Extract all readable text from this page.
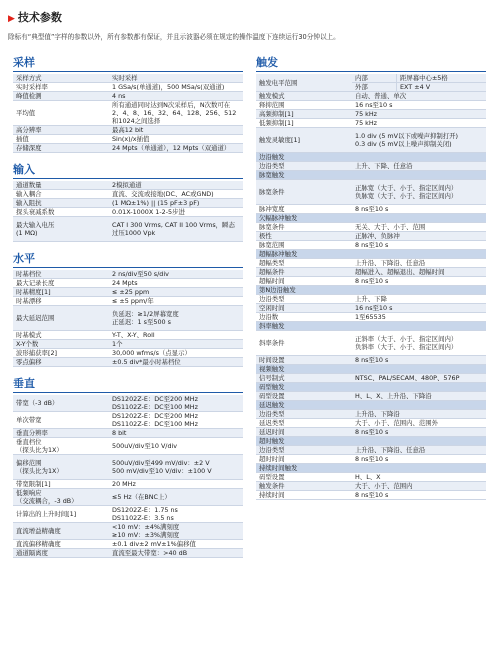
▶ 技术参数
除标有“典型值”字样的参数以外，所有参数都有保证，并且示波器必须在规定的操作温度下连续运行30分钟以上。
采样
采样方式	实时采样
实时采样率	1 GSa/s(单通道)，500 MSa/s(双通道)
峰值检测	4 ns
平均值	所有通道同时达到N次采样后，N次数可在2、4、8、16、32、64、128、256、512和1024之间选择
高分辨率	最高12 bit
插值	Sin(x)/x插值
存储深度	24 Mpts（单通道），12 Mpts（双通道）
输入
通道数量	2模拟通道
输入耦合	直流、交流或接地(DC、AC或GND)
输入阻抗	(1 MΩ±1%) || (15 pF±3 pF)
探头衰减系数	0.01X-1000X 1-2-5步进
最大输入电压
(1 MΩ)	CAT I 300 Vrms, CAT II 100 Vrms，瞬态过压1000 Vpk
水平
时基档位	2 ns/div至50 s/div
最大记录长度	24 Mpts
时基精度[1]	≤ ±25 ppm
时基漂移	≤ ±5 ppm/年
最大延迟范围	负延迟：≥1/2屏幕宽度
正延迟：1 s至500 s
时基模式	Y-T、X-Y、Roll
X-Y个数	1个
波形捕获率[2]	30,000 wfms/s（点显示）
零点偏移	±0.5 div*最小时基档位
垂直
带宽（-3 dB）	DS1202Z-E：DC至200 MHz
DS1102Z-E：DC至100 MHz
单次带宽	DS1202Z-E：DC至200 MHz
DS1102Z-E：DC至100 MHz
垂直分辨率	8 bit
垂直档位
（探头比为1X）	500uV/div至10 V/div
偏移范围
（探头比为1X）	500uV/div至499 mV/div：±2 V
500 mV/div至10 V/div：±100 V
带宽限制[1]	20 MHz
低频响应
（交流耦合，-3 dB）	≤5 Hz（在BNC上）
计算出的上升时间[1]	DS1202Z-E：1.75 ns
DS1102Z-E：3.5 ns
直流增益精确度	<10 mV：±4%满刻度
≥10 mV：±3%满刻度
直流偏移精确度	±0.1 div±2 mV±1%偏移值
通道隔离度	直流至最大带宽：>40 dB
触发
触发电平范围	内部 距屏幕中心±5格
外部 EXT ±4 V

触发模式	自动、普通、单次
释抑范围	16 ns至10 s
高频抑制[1]	75 kHz
低频抑制[1]	75 kHz
触发灵敏度[1]	1.0 div (5 mV以下或噪声抑制打开)
0.3 div (5 mV以上噪声抑制关闭)
边沿触发	
边沿类型	上升、下降、任意沿
脉宽触发	
脉宽条件	正脉宽（大于、小于、指定区间内）
负脉宽（大于、小于、指定区间内）
脉冲宽度	8 ns至10 s
欠幅脉冲触发	
脉宽条件	无关、大于、小于、范围
极性	正脉冲、负脉冲
脉宽范围	8 ns至10 s
超幅脉冲触发	
超幅类型	上升沿、下降沿、任意沿
超幅条件	超幅进入、超幅退出、超幅时间
超幅时间	8 ns至10 s
第N边沿触发	
边沿类型	上升、下降
空闲时间	16 ns至10 s
边沿数	1至65535
斜率触发	
斜率条件	正斜率（大于、小于、指定区间内）
负斜率（大于、小于、指定区间内）
时间设置	8 ns至10 s
视频触发	
信号制式	NTSC、PAL/SECAM、480P、576P
码型触发	
码型设置	H、L、X、上升沿、下降沿
延迟触发	
边沿类型	上升沿、下降沿
延迟类型	大于、小于、范围内、范围外
延迟时间	8 ns至10 s
超时触发	
边沿类型	上升沿、下降沿、任意沿
超时时间	8 ns至10 s
持续时间触发	
码型设置	H、L、X
触发条件	大于、小于、范围内
持续时间	8 ns至10 s
